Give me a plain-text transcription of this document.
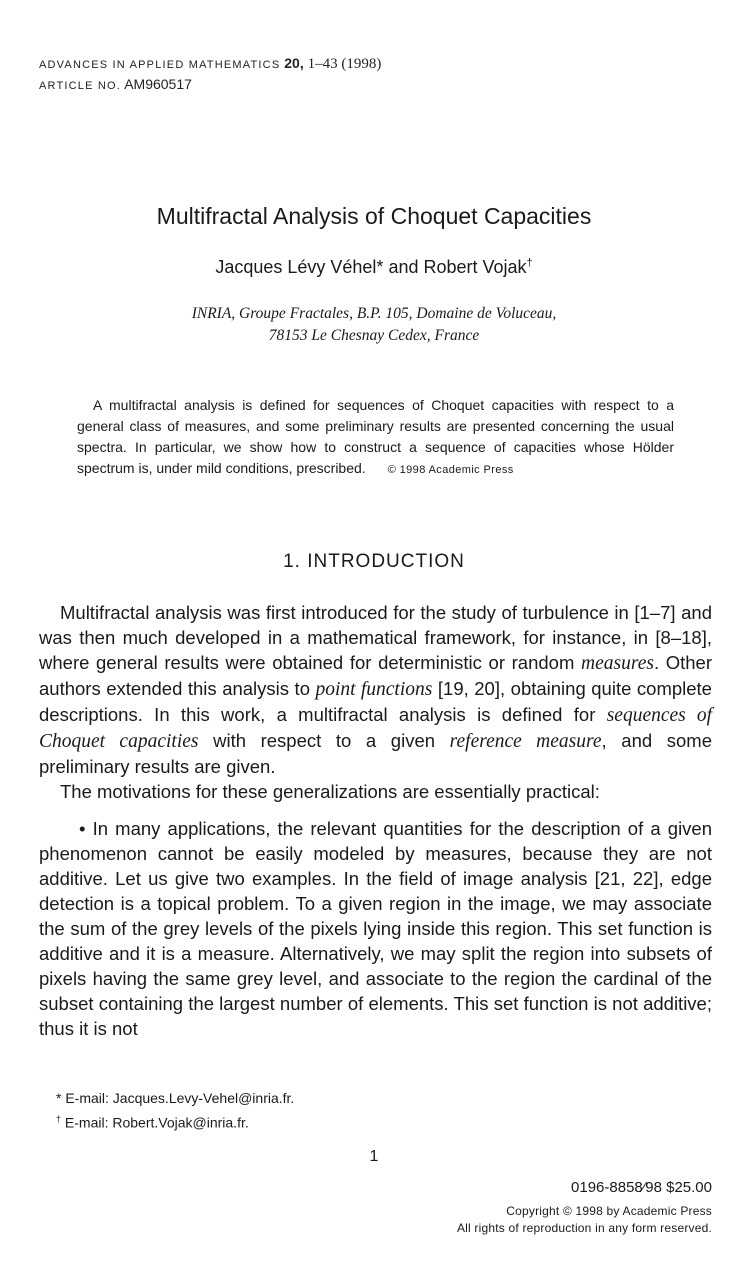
ADVANCES IN APPLIED MATHEMATICS 20, 1–43 (1998)
ARTICLE NO. AM960517
Multifractal Analysis of Choquet Capacities
Jacques Lévy Véhel* and Robert Vojak†
INRIA, Groupe Fractales, B.P. 105, Domaine de Voluceau,
78153 Le Chesnay Cedex, France
A multifractal analysis is defined for sequences of Choquet capacities with respect to a general class of measures, and some preliminary results are presented concerning the usual spectra. In particular, we show how to construct a sequence of capacities whose Hölder spectrum is, under mild conditions, prescribed. © 1998 Academic Press
1. INTRODUCTION

Multifractal analysis was first introduced for the study of turbulence in [1–7] and was then much developed in a mathematical framework, for instance, in [8–18], where general results were obtained for deterministic or random measures. Other authors extended this analysis to point functions [19, 20], obtaining quite complete descriptions. In this work, a multifractal analysis is defined for sequences of Choquet capacities with respect to a given reference measure, and some preliminary results are given.

The motivations for these generalizations are essentially practical:

• In many applications, the relevant quantities for the description of a given phenomenon cannot be easily modeled by measures, because they are not additive. Let us give two examples. In the field of image analysis [21, 22], edge detection is a topical problem. To a given region in the image, we may associate the sum of the grey levels of the pixels lying inside this region. This set function is additive and it is a measure. Alternatively, we may split the region into subsets of pixels having the same grey level, and associate to the region the cardinal of the subset containing the largest number of elements. This set function is not additive; thus it is not

* E-mail: Jacques.Levy-Vehel@inria.fr.
† E-mail: Robert.Vojak@inria.fr.
1
0196-8858⁄98 $25.00
Copyright © 1998 by Academic Press
All rights of reproduction in any form reserved.
